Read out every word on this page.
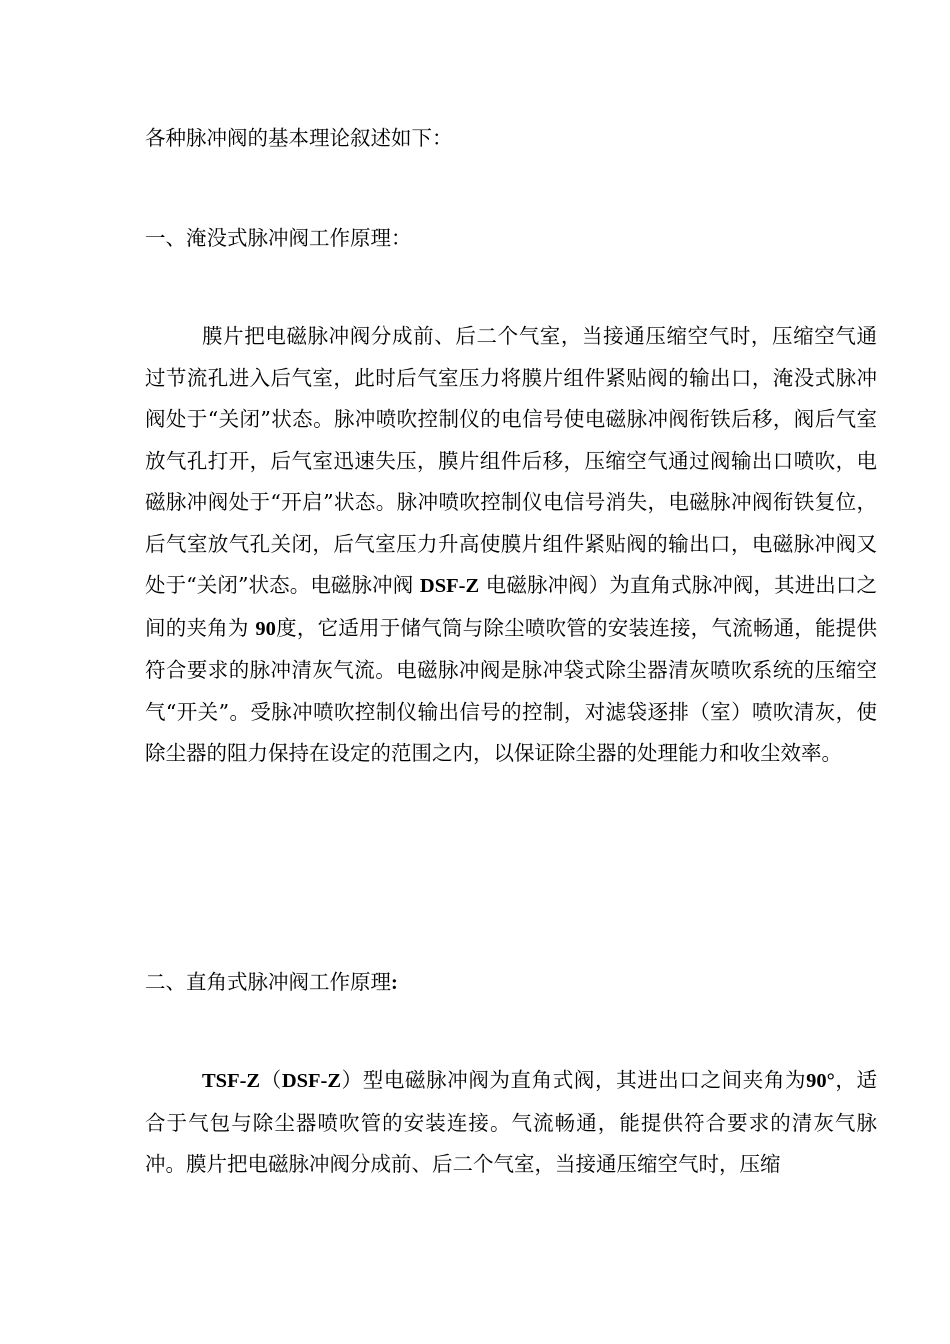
各种脉冲阀的基本理论叙述如下：
一、淹没式脉冲阀工作原理：
膜片把电磁脉冲阀分成前、后二个气室，当接通压缩空气时，压缩空气通过节流孔进入后气室，此时后气室压力将膜片组件紧贴阀的输出口，淹没式脉冲阀处于“关闭”状态。脉冲喷吹控制仪的电信号使电磁脉冲阀衔铁后移，阀后气室放气孔打开，后气室迅速失压，膜片组件后移，压缩空气通过阀输出口喷吹，电磁脉冲阀处于“开启”状态。脉冲喷吹控制仪电信号消失，电磁脉冲阀衔铁复位，后气室放气孔关闭，后气室压力升高使膜片组件紧贴阀的输出口，电磁脉冲阀又处于“关闭”状态。电磁脉冲阀 DSF-Z 电磁脉冲阀）为直角式脉冲阀，其进出口之间的夹角为 90度，它适用于储气筒与除尘喷吹管的安装连接，气流畅通，能提供符合要求的脉冲清灰气流。电磁脉冲阀是脉冲袋式除尘器清灰喷吹系统的压缩空气“开关”。受脉冲喷吹控制仪输出信号的控制，对滤袋逐排（室）喷吹清灰，使除尘器的阻力保持在设定的范围之内，以保证除尘器的处理能力和收尘效率。
二、直角式脉冲阀工作原理:
TSF-Z（DSF-Z）型电磁脉冲阀为直角式阀，其进出口之间夹角为90°，适合于气包与除尘器喷吹管的安装连接。气流畅通，能提供符合要求的清灰气脉冲。膜片把电磁脉冲阀分成前、后二个气室，当接通压缩空气时，压缩
